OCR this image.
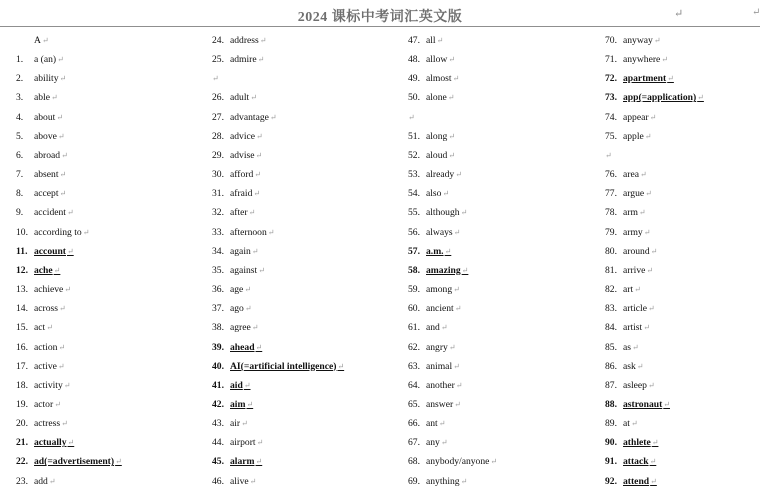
2024 课标中考词汇英文版	↵	↵
A↵
1. a (an)↵
2. ability↵
3. able↵
4. about↵
5. above↵
6. abroad↵
7. absent↵
8. accept↵
9. accident↵
10. according to↵
11. account↵
12. ache↵
13. achieve↵
14. across↵
15. act↵
16. action↵
17. active↵
18. activity↵
19. actor↵
20. actress↵
21. actually↵
22. ad(=advertisement)↵
23. add↵
24. address↵
25. admire↵
↵
26. adult↵
27. advantage↵
28. advice↵
29. advise↵
30. afford↵
31. afraid↵
32. after↵
33. afternoon↵
34. again↵
35. against↵
36. age↵
37. ago↵
38. agree↵
39. ahead↵
40. AI(=artificial intelligence)↵
41. aid↵
42. aim↵
43. air↵
44. airport↵
45. alarm↵
46. alive↵
47. all↵
48. allow↵
49. almost↵
50. alone↵
↵
51. along↵
52. aloud↵
53. already↵
54. also↵
55. although↵
56. always↵
57. a.m.↵
58. amazing↵
59. among↵
60. ancient↵
61. and↵
62. angry↵
63. animal↵
64. another↵
65. answer↵
66. ant↵
67. any↵
68. anybody/anyone↵
69. anything↵
70. anyway↵
71. anywhere↵
72. apartment↵
73. app(=application)↵
74. appear↵
75. apple↵
↵
76. area↵
77. argue↵
78. arm↵
79. army↵
80. around↵
81. arrive↵
82. art↵
83. article↵
84. artist↵
85. as↵
86. ask↵
87. asleep↵
88. astronaut↵
89. at↵
90. athlete↵
91. attack↵
92. attend↵
